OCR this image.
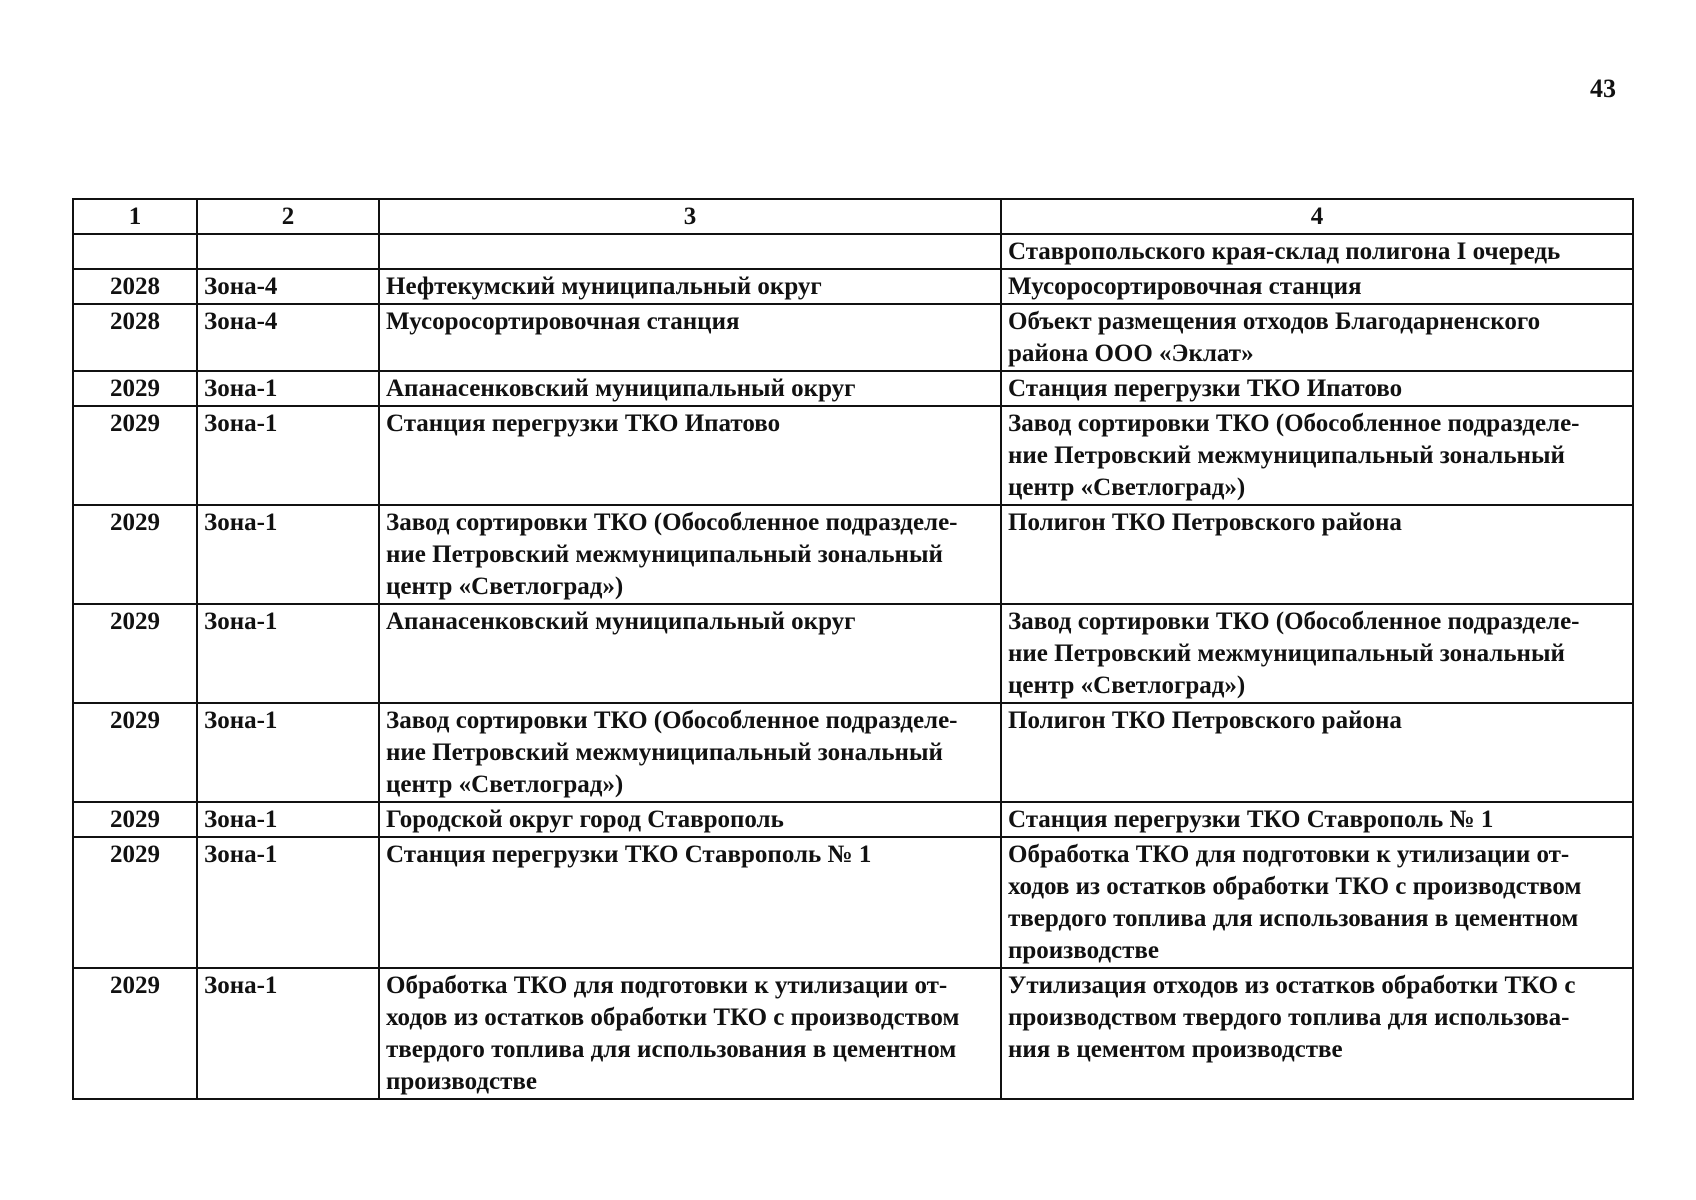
43
1	2	3	4
			Ставропольского края-склад полигона I очередь
2028	Зона-4	Нефтекумский муниципальный округ	Мусоросортировочная станция
2028	Зона-4	Мусоросортировочная станция	Объект размещения отходов Благодарненского
района ООО «Эклат»
2029	Зона-1	Апанасенковский муниципальный округ	Станция перегрузки ТКО Ипатово
2029	Зона-1	Станция перегрузки ТКО Ипатово	Завод сортировки ТКО (Обособленное подразделе-
ние Петровский межмуниципальный зональный
центр «Светлоград»)
2029	Зона-1	Завод сортировки ТКО (Обособленное подразделе-
ние Петровский межмуниципальный зональный
центр «Светлоград»)	Полигон ТКО Петровского района
2029	Зона-1	Апанасенковский муниципальный округ	Завод сортировки ТКО (Обособленное подразделе-
ние Петровский межмуниципальный зональный
центр «Светлоград»)
2029	Зона-1	Завод сортировки ТКО (Обособленное подразделе-
ние Петровский межмуниципальный зональный
центр «Светлоград»)	Полигон ТКО Петровского района
2029	Зона-1	Городской округ город Ставрополь	Станция перегрузки ТКО Ставрополь № 1
2029	Зона-1	Станция перегрузки ТКО Ставрополь № 1	Обработка ТКО для подготовки к утилизации от-
ходов из остатков обработки ТКО с производством
твердого топлива для использования в цементном
производстве
2029	Зона-1	Обработка ТКО для подготовки к утилизации от-
ходов из остатков обработки ТКО с производством
твердого топлива для использования в цементном
производстве	Утилизация отходов из остатков обработки ТКО с
производством твердого топлива для использова-
ния в цементом производстве
